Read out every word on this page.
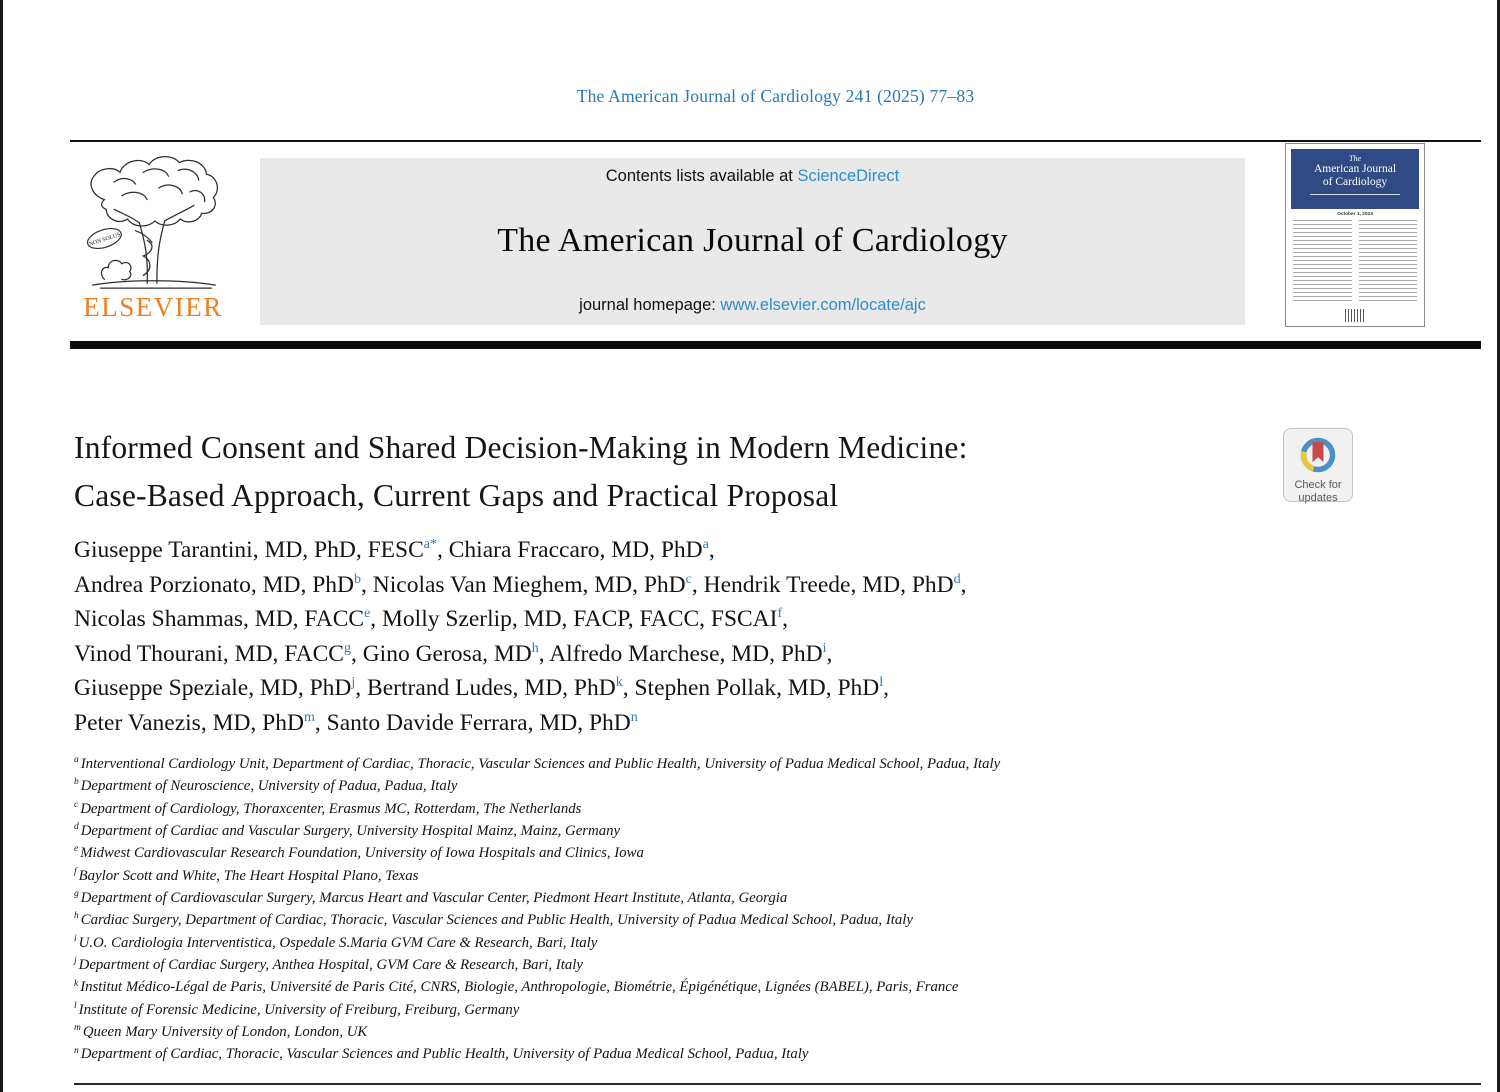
The American Journal of Cardiology 241 (2025) 77–83
NON SOLUS
ELSEVIER
Contents lists available at ScienceDirect
The American Journal of Cardiology
journal homepage: www.elsevier.com/locate/ajc
The
American Journal
of Cardiology
October 1, 2024
Informed Consent and Shared Decision-Making in Modern Medicine:
Case-Based Approach, Current Gaps and Practical Proposal	Check for
updates
Giuseppe Tarantini, MD, PhD, $FESC^{a*}$, Chiara Fraccaro, MD, PhD$^a$,
Andrea Porzionato, MD, PhD$^b$, Nicolas Van Mieghem, MD, PhD$^c$, Hendrik Treede, MD, PhD$^d$,
Nicolas Shammas, MD, FACC$^e$, Molly Szerlip, MD, FACP, FACC, FSCAI$^f$,
Vinod Thourani, MD, FACC$^g$, Gino Gerosa, $MD^h$, Alfredo Marchese, MD, PhD$^i$,
Giuseppe Speziale, MD, PhD$^j$, Bertrand Ludes, MD, PhD$^k$, Stephen Pollak, MD, PhD$^l$,
Peter Vanezis, MD, PhD$^m$, Santo Davide Ferrara, MD, PhD$^n$
$^a$ Interventional Cardiology Unit, Department of Cardiac, Thoracic, Vascular Sciences and Public Health, University of Padua Medical School, Padua, Italy
$^b$ Department of Neuroscience, University of Padua, Padua, Italy
$^c$ Department of Cardiology, Thoraxcenter, Erasmus MC, Rotterdam, The Netherlands
$^d$ Department of Cardiac and Vascular Surgery, University Hospital Mainz, Mainz, Germany
$^e$ Midwest Cardiovascular Research Foundation, University of Iowa Hospitals and Clinics, Iowa
$^f$ Baylor Scott and White, The Heart Hospital Plano, Texas
$^g$ Department of Cardiovascular Surgery, Marcus Heart and Vascular Center, Piedmont Heart Institute, Atlanta, Georgia
$^h$ Cardiac Surgery, Department of Cardiac, Thoracic, Vascular Sciences and Public Health, University of Padua Medical School, Padua, Italy
$^i$ U.O. Cardiologia Interventistica, Ospedale S.Maria GVM Care & Research, Bari, Italy
$^j$ Department of Cardiac Surgery, Anthea Hospital, GVM Care & Research, Bari, Italy
$^k$ Institut Médico-Légal de Paris, Université de Paris Cité, CNRS, Biologie, Anthropologie, Biométrie, Épigénétique, Lignées (BABEL), Paris, France
$^l$ Institute of Forensic Medicine, University of Freiburg, Freiburg, Germany
$^m$ Queen Mary University of London, London, UK
$^n$ Department of Cardiac, Thoracic, Vascular Sciences and Public Health, University of Padua Medical School, Padua, Italy
